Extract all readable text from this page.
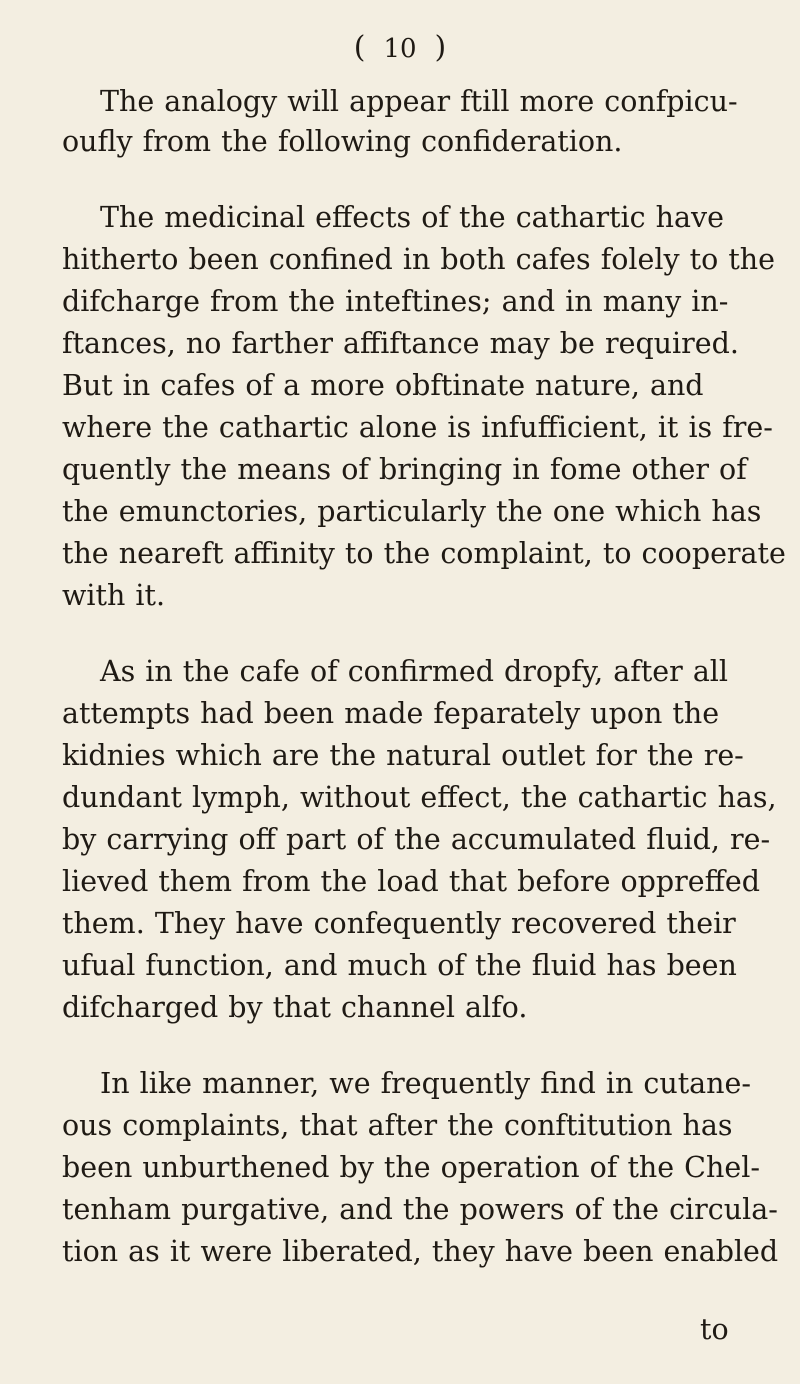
( 10 )
The analogy will appear ftill more confpicu-
oufly from the following confideration.
The medicinal effects of the cathartic have
hitherto been confined in both cafes folely to the
difcharge from the inteftines; and in many in-
ftances, no farther affiftance may be required.
But in cafes of a more obftinate nature, and
where the cathartic alone is infufficient, it is fre-
quently the means of bringing in fome other of
the emunctories, particularly the one which has
the neareft affinity to the complaint, to cooperate
with it.
As in the cafe of confirmed dropfy, after all
attempts had been made feparately upon the
kidnies which are the natural outlet for the re-
dundant lymph, without effect, the cathartic has,
by carrying off part of the accumulated fluid, re-
lieved them from the load that before oppreffed
them. They have confequently recovered their
ufual function, and much of the fluid has been
difcharged by that channel alfo.
In like manner, we frequently find in cutane-
ous complaints, that after the conftitution has
been unburthened by the operation of the Chel-
tenham purgative, and the powers of the circula-
tion as it were liberated, they have been enabled
to
